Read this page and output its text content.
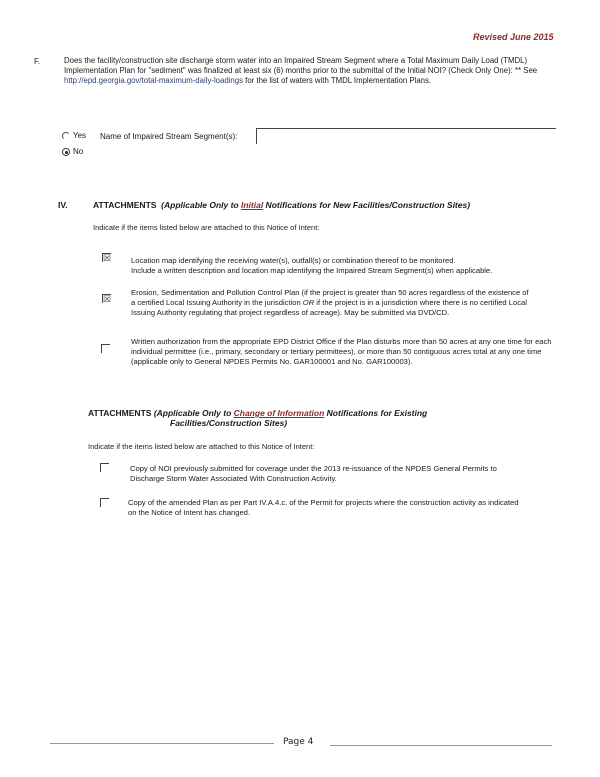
Revised June 2015
F.	Does the facility/construction site discharge storm water into an Impaired Stream Segment where a Total Maximum Daily Load (TMDL) Implementation Plan for "sediment" was finalized at least six (6) months prior to the submittal of the Initial NOI? (Check Only One): ** See http://epd.georgia.gov/total-maximum-daily-loadings for the list of waters with TMDL Implementation Plans.
Yes
No
Name of Impaired Stream Segment(s):
IV.	ATTACHMENTS (Applicable Only to Initial Notifications for New Facilities/Construction Sites)
Indicate if the items listed below are attached to this Notice of Intent:
☒	Location map identifying the receiving water(s), outfall(s) or combination thereof to be monitored.
Include a written description and location map identifying the Impaired Stream Segment(s) when applicable.
☒
Erosion, Sedimentation and Pollution Control Plan (if the project is greater than 50 acres regardless of the existence of a certified Local Issuing Authority in the jurisdiction OR if the project is in a jurisdiction where there is no certified Local Issuing Authority regulating that project regardless of acreage). May be submitted via DVD/CD.
Written authorization from the appropriate EPD District Office if the Plan disturbs more than 50 acres at any one time for each individual permittee (i.e., primary, secondary or tertiary permittees), or more than 50 contiguous acres total at any one time (applicable only to General NPDES Permits No. GAR100001 and No. GAR100003).
ATTACHMENTS (Applicable Only to Change of Information Notifications for Existing
Facilities/Construction Sites)
Indicate if the items listed below are attached to this Notice of Intent:
Copy of NOI previously submitted for coverage under the 2013 re-issuance of the NPDES General Permits to Discharge Storm Water Associated With Construction Activity.
Copy of the amended Plan as per Part IV.A.4.c. of the Permit for projects where the construction activity as indicated on the Notice of Intent has changed.
Page 4
